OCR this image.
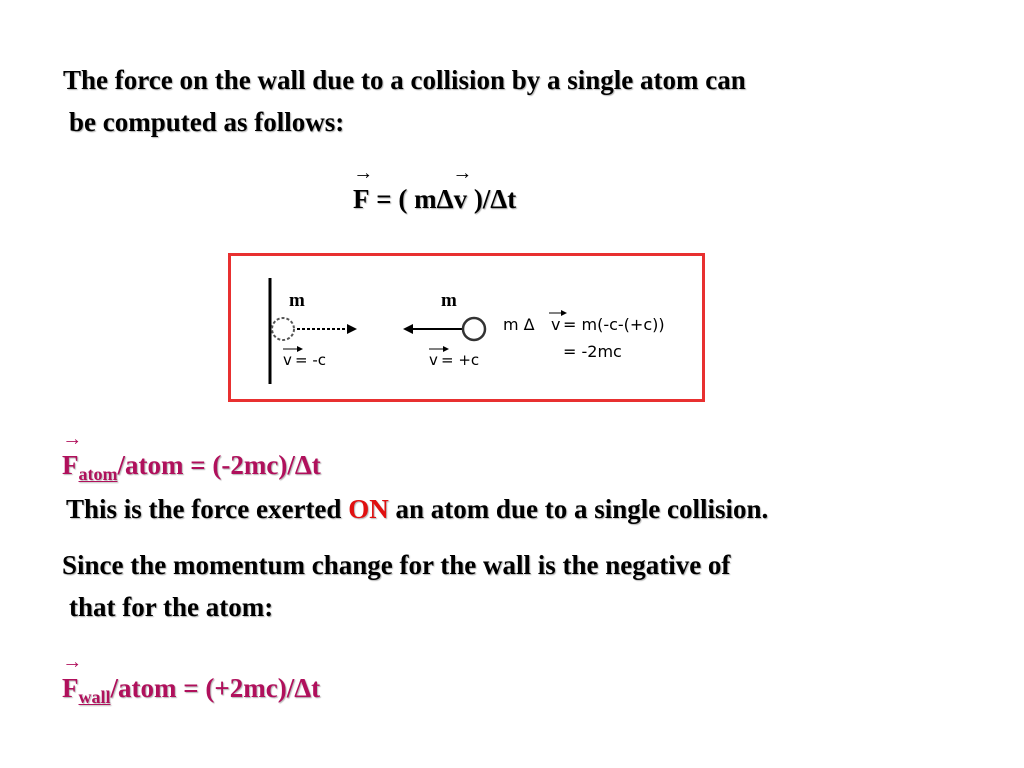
The force on the wall due to a collision by a single atom can
be computed as follows:
→
F = ( mΔ
→
v )/Δt
m
v = -c
m
v = +c
m Δ v = m(-c-(+c))
= -2mc
→
$F_{atom}$/atom = (-2mc)/Δt
This is the force exerted ON an atom due to a single collision.
Since the momentum change for the wall is the negative of
that for the atom:
→
$F_{wall}$/atom = (+2mc)/Δt
